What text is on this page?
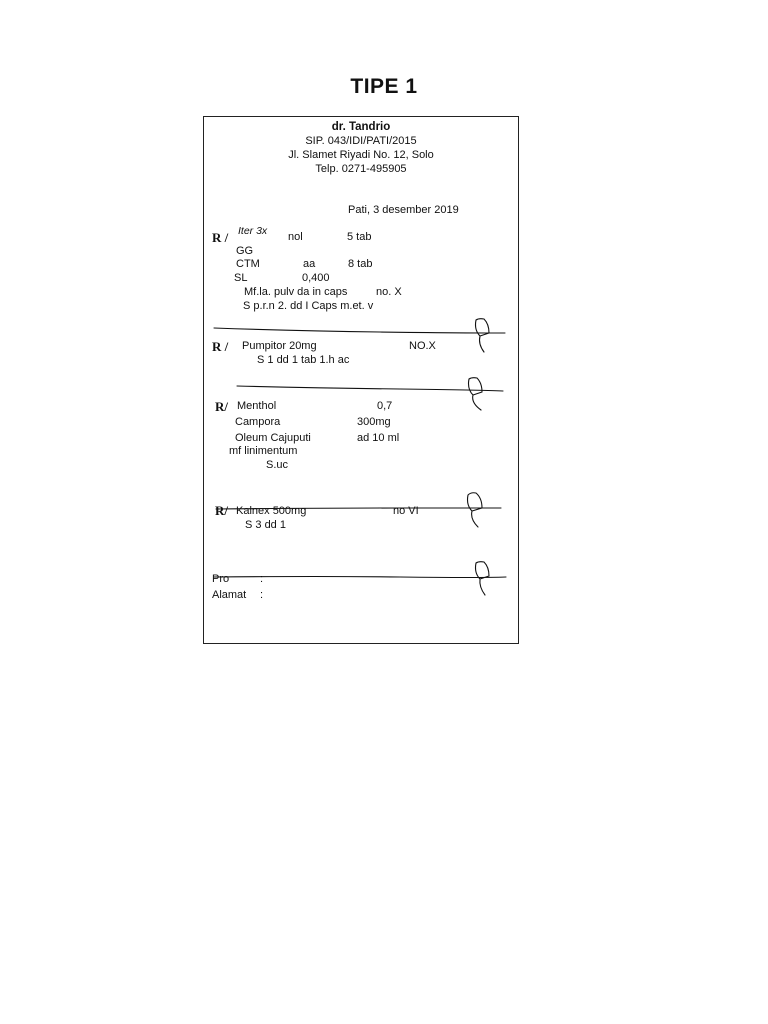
TIPE 1
dr. Tandrio
SIP. 043/IDI/PATI/2015
Jl. Slamet Riyadi No. 12, Solo
Telp. 0271-495905
Pati, 3 desember 2019
R / Iter 3x nol	5 tab
GG
CTM	aa	8 tab
SL	0,400
Mf.la. pulv da in caps	no. X
S p.r.n 2. dd I Caps m.et. v
R / Pumpitor 20mg	NO.X
S 1 dd 1 tab 1.h ac
R/ Menthol	0,7
Campora	300mg
Oleum Cajuputi	ad 10 ml
mf linimentum
S.uc
R/ Kalnex 500mg	no VI
S 3 dd 1
Pro	:
Alamat :
